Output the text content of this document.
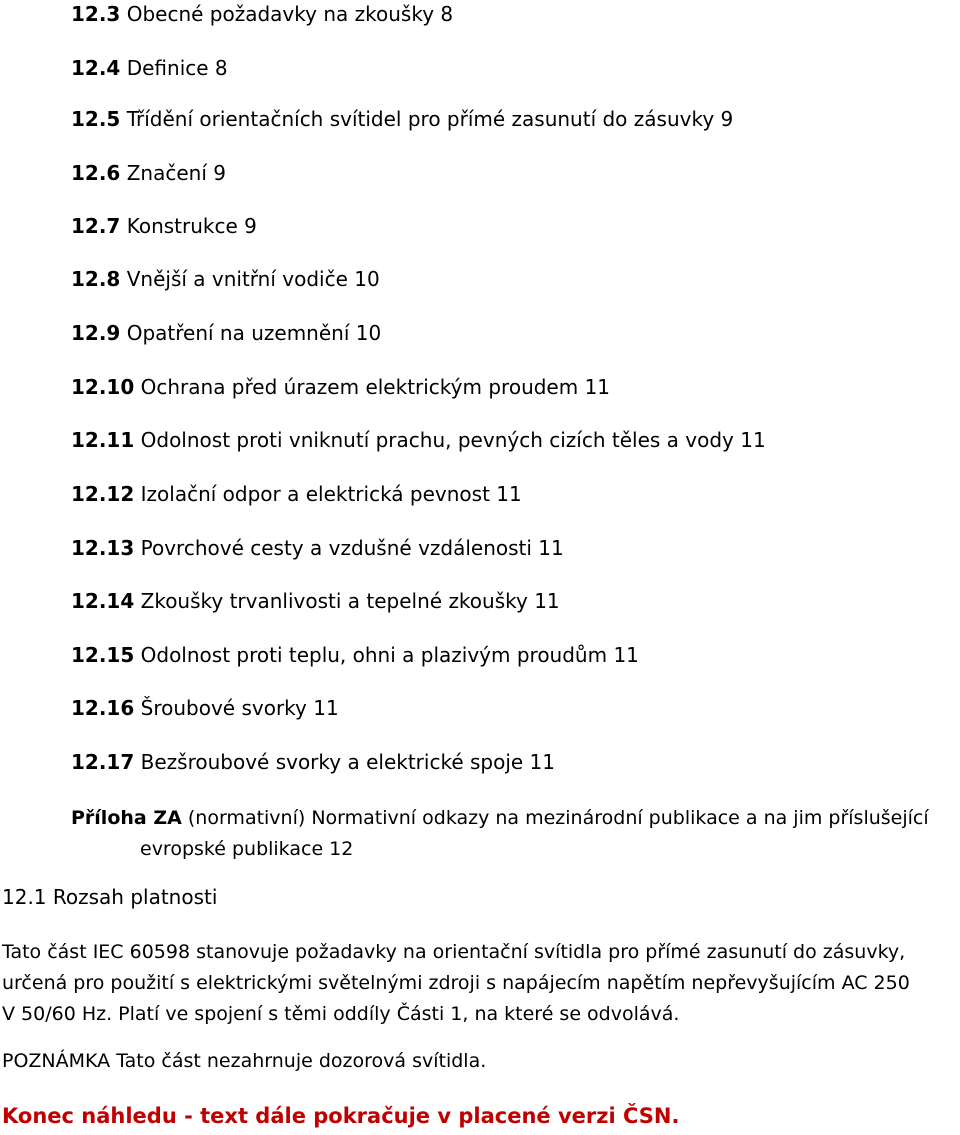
12.3 Obecné požadavky na zkoušky 8
12.4 Definice 8
12.5 Třídění orientačních svítidel pro přímé zasunutí do zásuvky 9
12.6 Značení 9
12.7 Konstrukce 9
12.8 Vnější a vnitřní vodiče 10
12.9 Opatření na uzemnění 10
12.10 Ochrana před úrazem elektrickým proudem 11
12.11 Odolnost proti vniknutí prachu, pevných cizích těles a vody 11
12.12 Izolační odpor a elektrická pevnost 11
12.13 Povrchové cesty a vzdušné vzdálenosti 11
12.14 Zkoušky trvanlivosti a tepelné zkoušky 11
12.15 Odolnost proti teplu, ohni a plazivým proudům 11
12.16 Šroubové svorky 11
12.17 Bezšroubové svorky a elektrické spoje 11
Příloha ZA (normativní) Normativní odkazy na mezinárodní publikace a na jim příslušející
evropské publikace 12
12.1 Rozsah platnosti
Tato část IEC 60598 stanovuje požadavky na orientační svítidla pro přímé zasunutí do zásuvky,
určená pro použití s elektrickými světelnými zdroji s napájecím napětím nepřevyšujícím AC 250
V 50/60 Hz. Platí ve spojení s těmi oddíly Části 1, na které se odvolává.
POZNÁMKA Tato část nezahrnuje dozorová svítidla.
Konec náhledu - text dále pokračuje v placené verzi ČSN.
